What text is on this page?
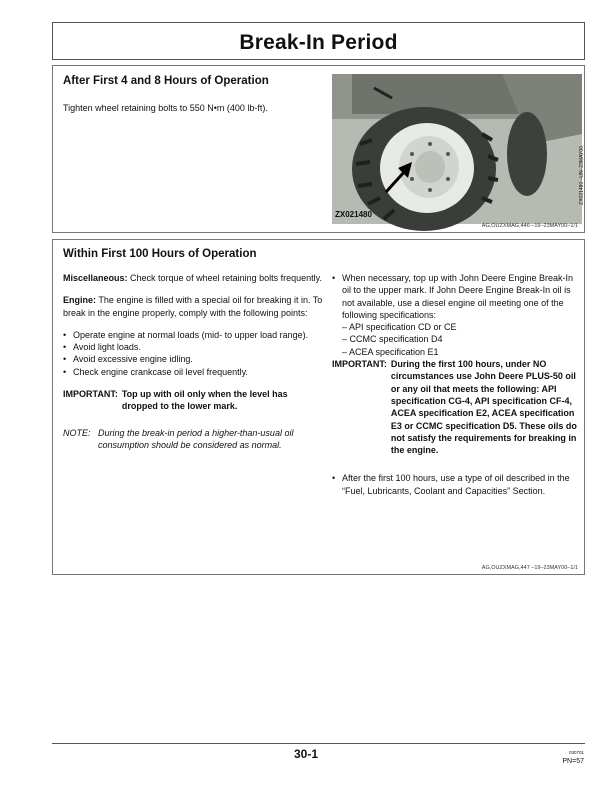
Break-In Period
After First 4 and 8 Hours of Operation
Tighten wheel retaining bolts to 550 N•m (400 lb-ft).
ZX021480
ZX021480 –UN–23MAY00
AG,OUZXMAG,446 –19–23MAY00–1/1
Within First 100 Hours of Operation

Miscellaneous: Check torque of wheel retaining bolts frequently.

Engine: The engine is filled with a special oil for breaking it in. To break in the engine properly, comply with the following points:

• Operate engine at normal loads (mid- to upper load range).
• Avoid light loads.
• Avoid excessive engine idling.
• Check engine crankcase oil level frequently.
IMPORTANT: Top up with oil only when the level has dropped to the lower mark.
NOTE: During the break-in period a higher-than-usual oil consumption should be considered as normal.
• When necessary, top up with John Deere Engine Break-In oil to the upper mark. If John Deere Engine Break-In oil is not available, use a diesel engine oil meeting one of the following specifications:
– API specification CD or CE
– CCMC specification D4
– ACEA specification E1
IMPORTANT: During the first 100 hours, under NO circumstances use John Deere PLUS-50 oil or any oil that meets the following: API specification CG-4, API specification CF-4, ACEA specification E2, ACEA specification E3 or CCMC specification D5. These oils do not satisfy the requirements for breaking in the engine.
• After the first 100 hours, use a type of oil described in the “Fuel, Lubricants, Coolant and Capacities” Section.
AG,OUZXMAG,447 –19–23MAY00–1/1
30-1	030701
PN=57
